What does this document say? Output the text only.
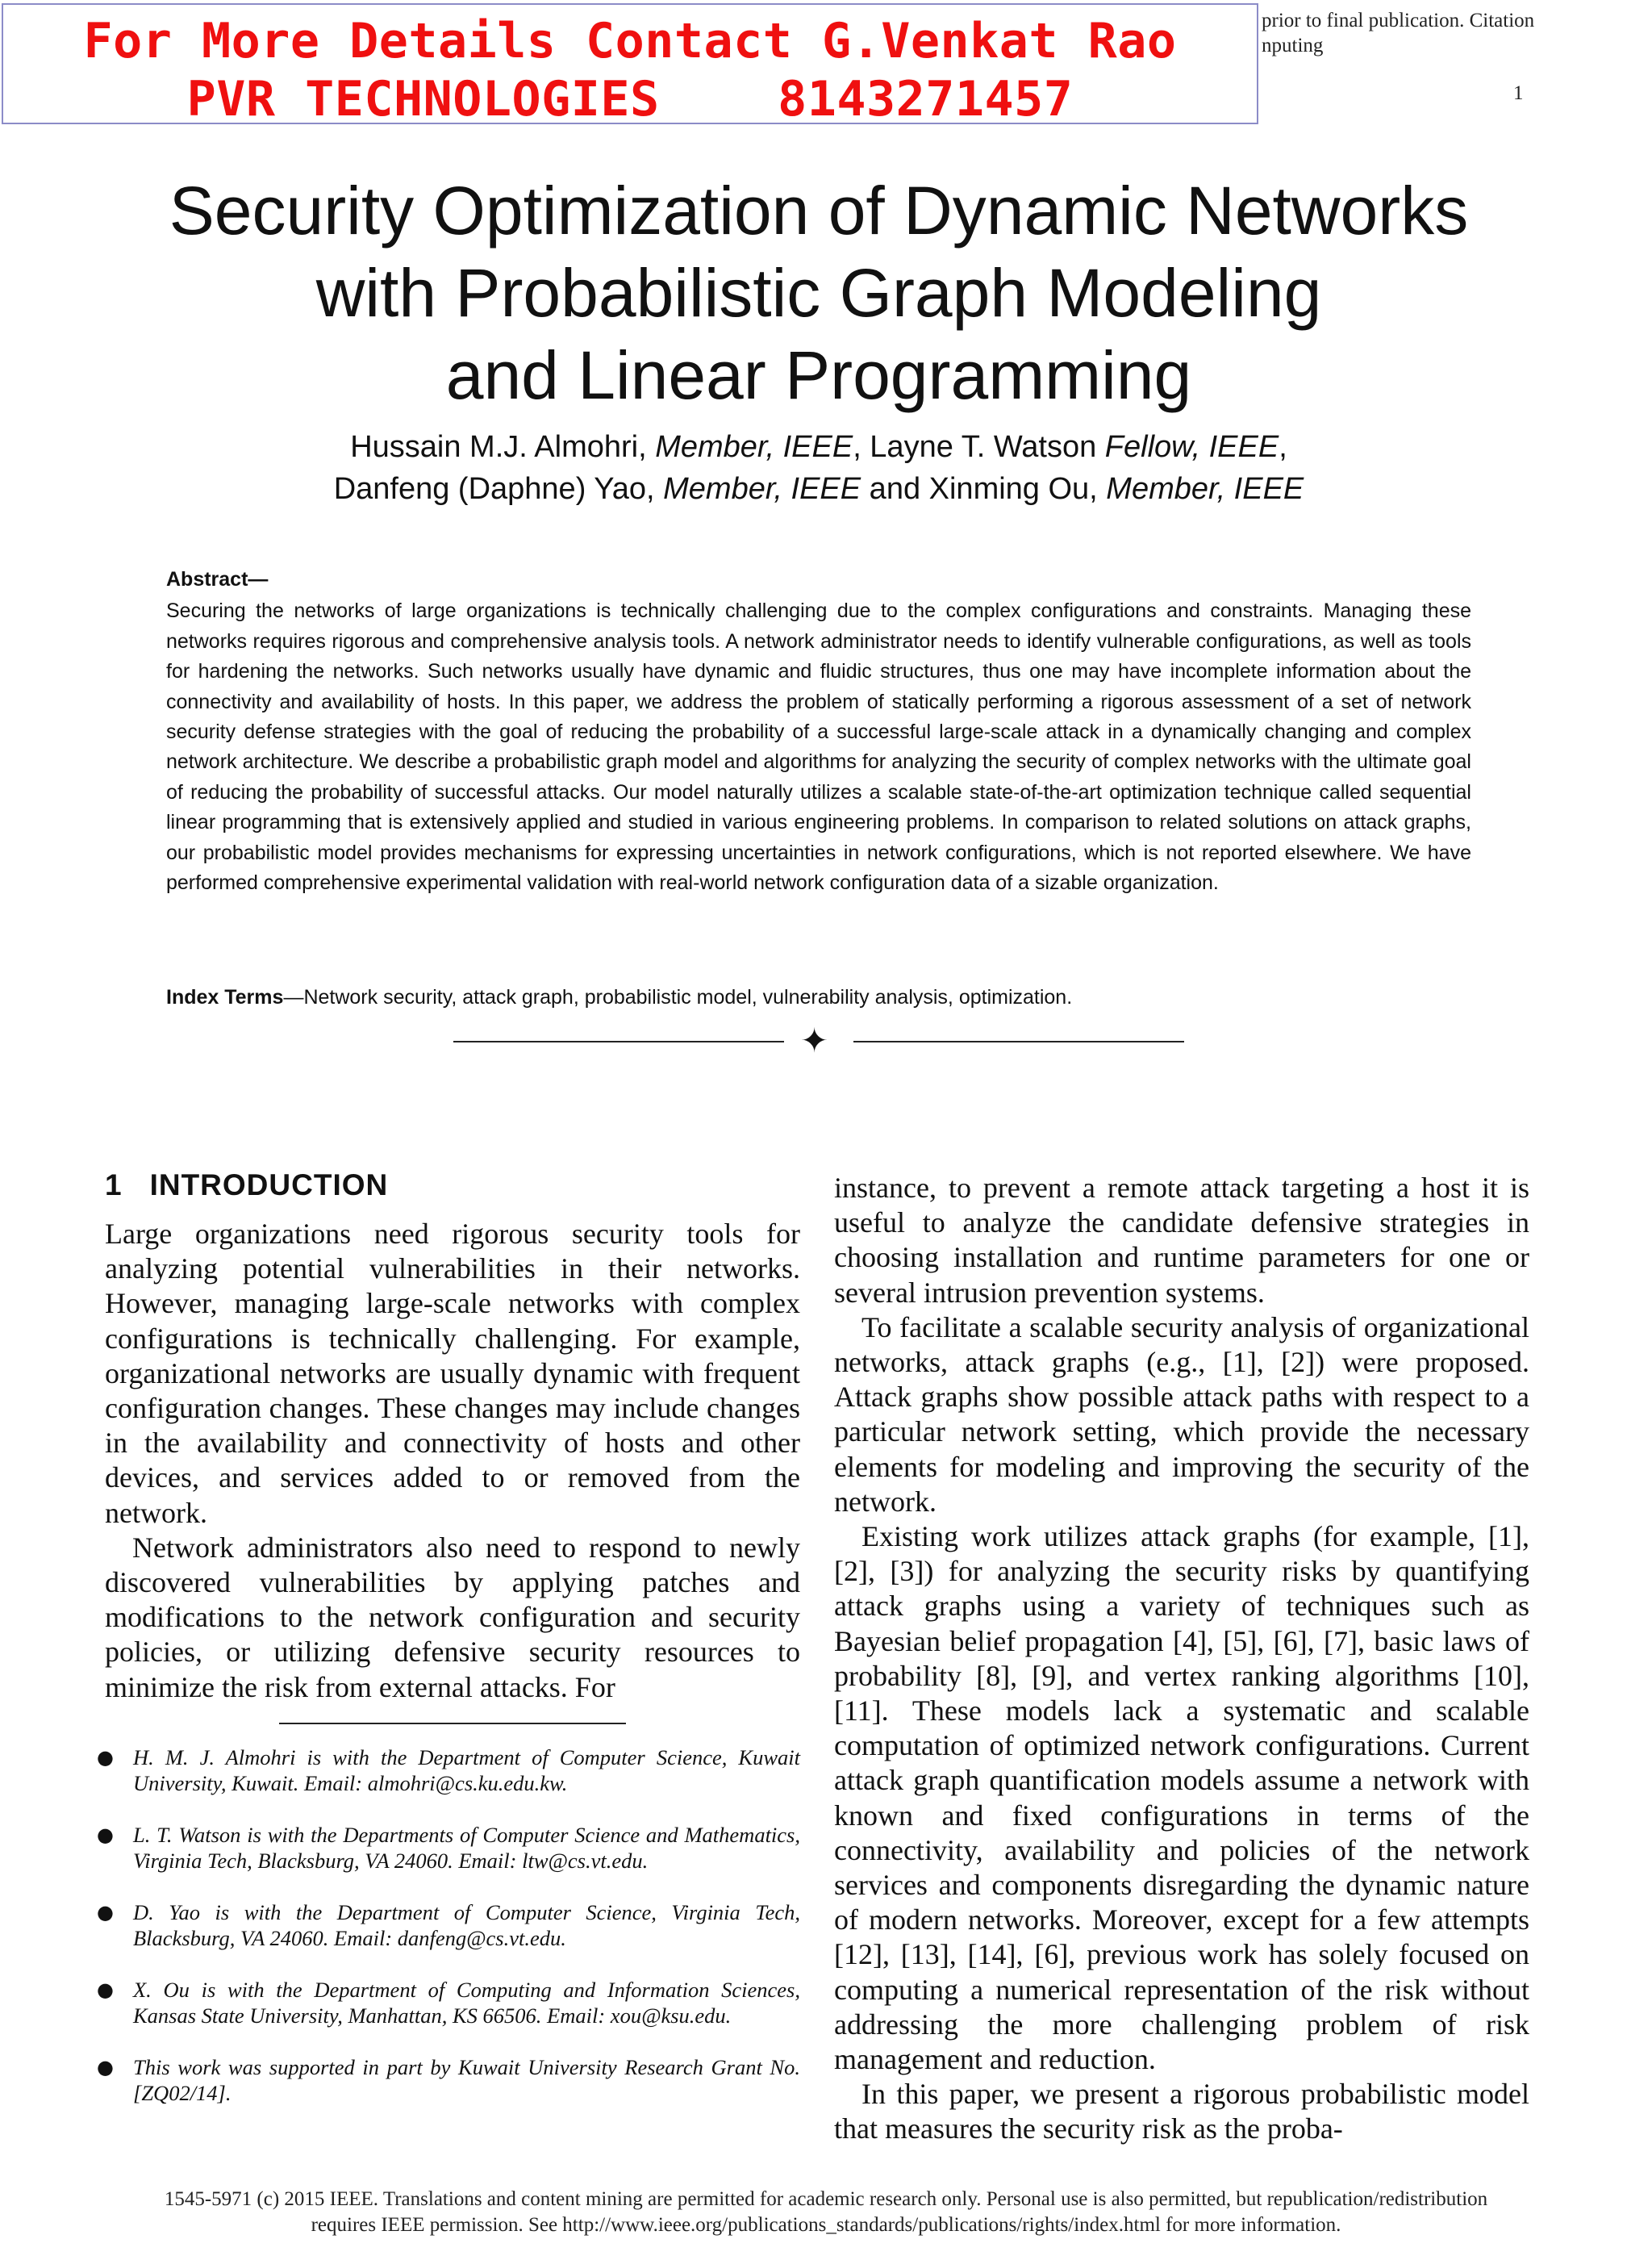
prior to final publication. Citation
nputing
1
For More Details Contact G.Venkat Rao
PVR TECHNOLOGIES    8143271457
Security Optimization of Dynamic Networks
with Probabilistic Graph Modeling
and Linear Programming
Hussain M.J. Almohri, Member, IEEE, Layne T. Watson Fellow, IEEE,
Danfeng (Daphne) Yao, Member, IEEE and Xinming Ou, Member, IEEE
Abstract—
Securing the networks of large organizations is technically challenging due to the complex configurations and constraints. Managing these networks requires rigorous and comprehensive analysis tools. A network administrator needs to identify vulnerable configurations, as well as tools for hardening the networks. Such networks usually have dynamic and fluidic structures, thus one may have incomplete information about the connectivity and availability of hosts. In this paper, we address the problem of statically performing a rigorous assessment of a set of network security defense strategies with the goal of reducing the probability of a successful large-scale attack in a dynamically changing and complex network architecture. We describe a probabilistic graph model and algorithms for analyzing the security of complex networks with the ultimate goal of reducing the probability of successful attacks. Our model naturally utilizes a scalable state-of-the-art optimization technique called sequential linear programming that is extensively applied and studied in various engineering problems. In comparison to related solutions on attack graphs, our probabilistic model provides mechanisms for expressing uncertainties in network configurations, which is not reported elsewhere. We have performed comprehensive experimental validation with real-world network configuration data of a sizable organization.
Index Terms—Network security, attack graph, probabilistic model, vulnerability analysis, optimization.
✦
1 INTRODUCTION

Large organizations need rigorous security tools for analyzing potential vulnerabilities in their networks. However, managing large-scale networks with complex configurations is technically challenging. For example, organizational networks are usually dynamic with frequent configuration changes. These changes may include changes in the availability and connectivity of hosts and other devices, and services added to or removed from the network.

Network administrators also need to respond to newly discovered vulnerabilities by applying patches and modifications to the network configuration and security policies, or utilizing defensive security resources to minimize the risk from external attacks. For

● H. M. J. Almohri is with the Department of Computer Science, Kuwait University, Kuwait. Email: almohri@cs.ku.edu.kw.
● L. T. Watson is with the Departments of Computer Science and Mathematics, Virginia Tech, Blacksburg, VA 24060. Email: ltw@cs.vt.edu.
● D. Yao is with the Department of Computer Science, Virginia Tech, Blacksburg, VA 24060. Email: danfeng@cs.vt.edu.
● X. Ou is with the Department of Computing and Information Sciences, Kansas State University, Manhattan, KS 66506. Email: xou@ksu.edu.
● This work was supported in part by Kuwait University Research Grant No. [ZQ02/14].

instance, to prevent a remote attack targeting a host it is useful to analyze the candidate defensive strategies in choosing installation and runtime parameters for one or several intrusion prevention systems.

To facilitate a scalable security analysis of organizational networks, attack graphs (e.g., [1], [2]) were proposed. Attack graphs show possible attack paths with respect to a particular network setting, which provide the necessary elements for modeling and improving the security of the network.

Existing work utilizes attack graphs (for example, [1], [2], [3]) for analyzing the security risks by quantifying attack graphs using a variety of techniques such as Bayesian belief propagation [4], [5], [6], [7], basic laws of probability [8], [9], and vertex ranking algorithms [10], [11]. These models lack a systematic and scalable computation of optimized network configurations. Current attack graph quantification models assume a network with known and fixed configurations in terms of the connectivity, availability and policies of the network services and components disregarding the dynamic nature of modern networks. Moreover, except for a few attempts [12], [13], [14], [6], previous work has solely focused on computing a numerical representation of the risk without addressing the more challenging problem of risk management and reduction.

In this paper, we present a rigorous probabilistic model that measures the security risk as the proba-

1545-5971 (c) 2015 IEEE. Translations and content mining are permitted for academic research only. Personal use is also permitted, but republication/redistribution
requires IEEE permission. See http://www.ieee.org/publications_standards/publications/rights/index.html for more information.
